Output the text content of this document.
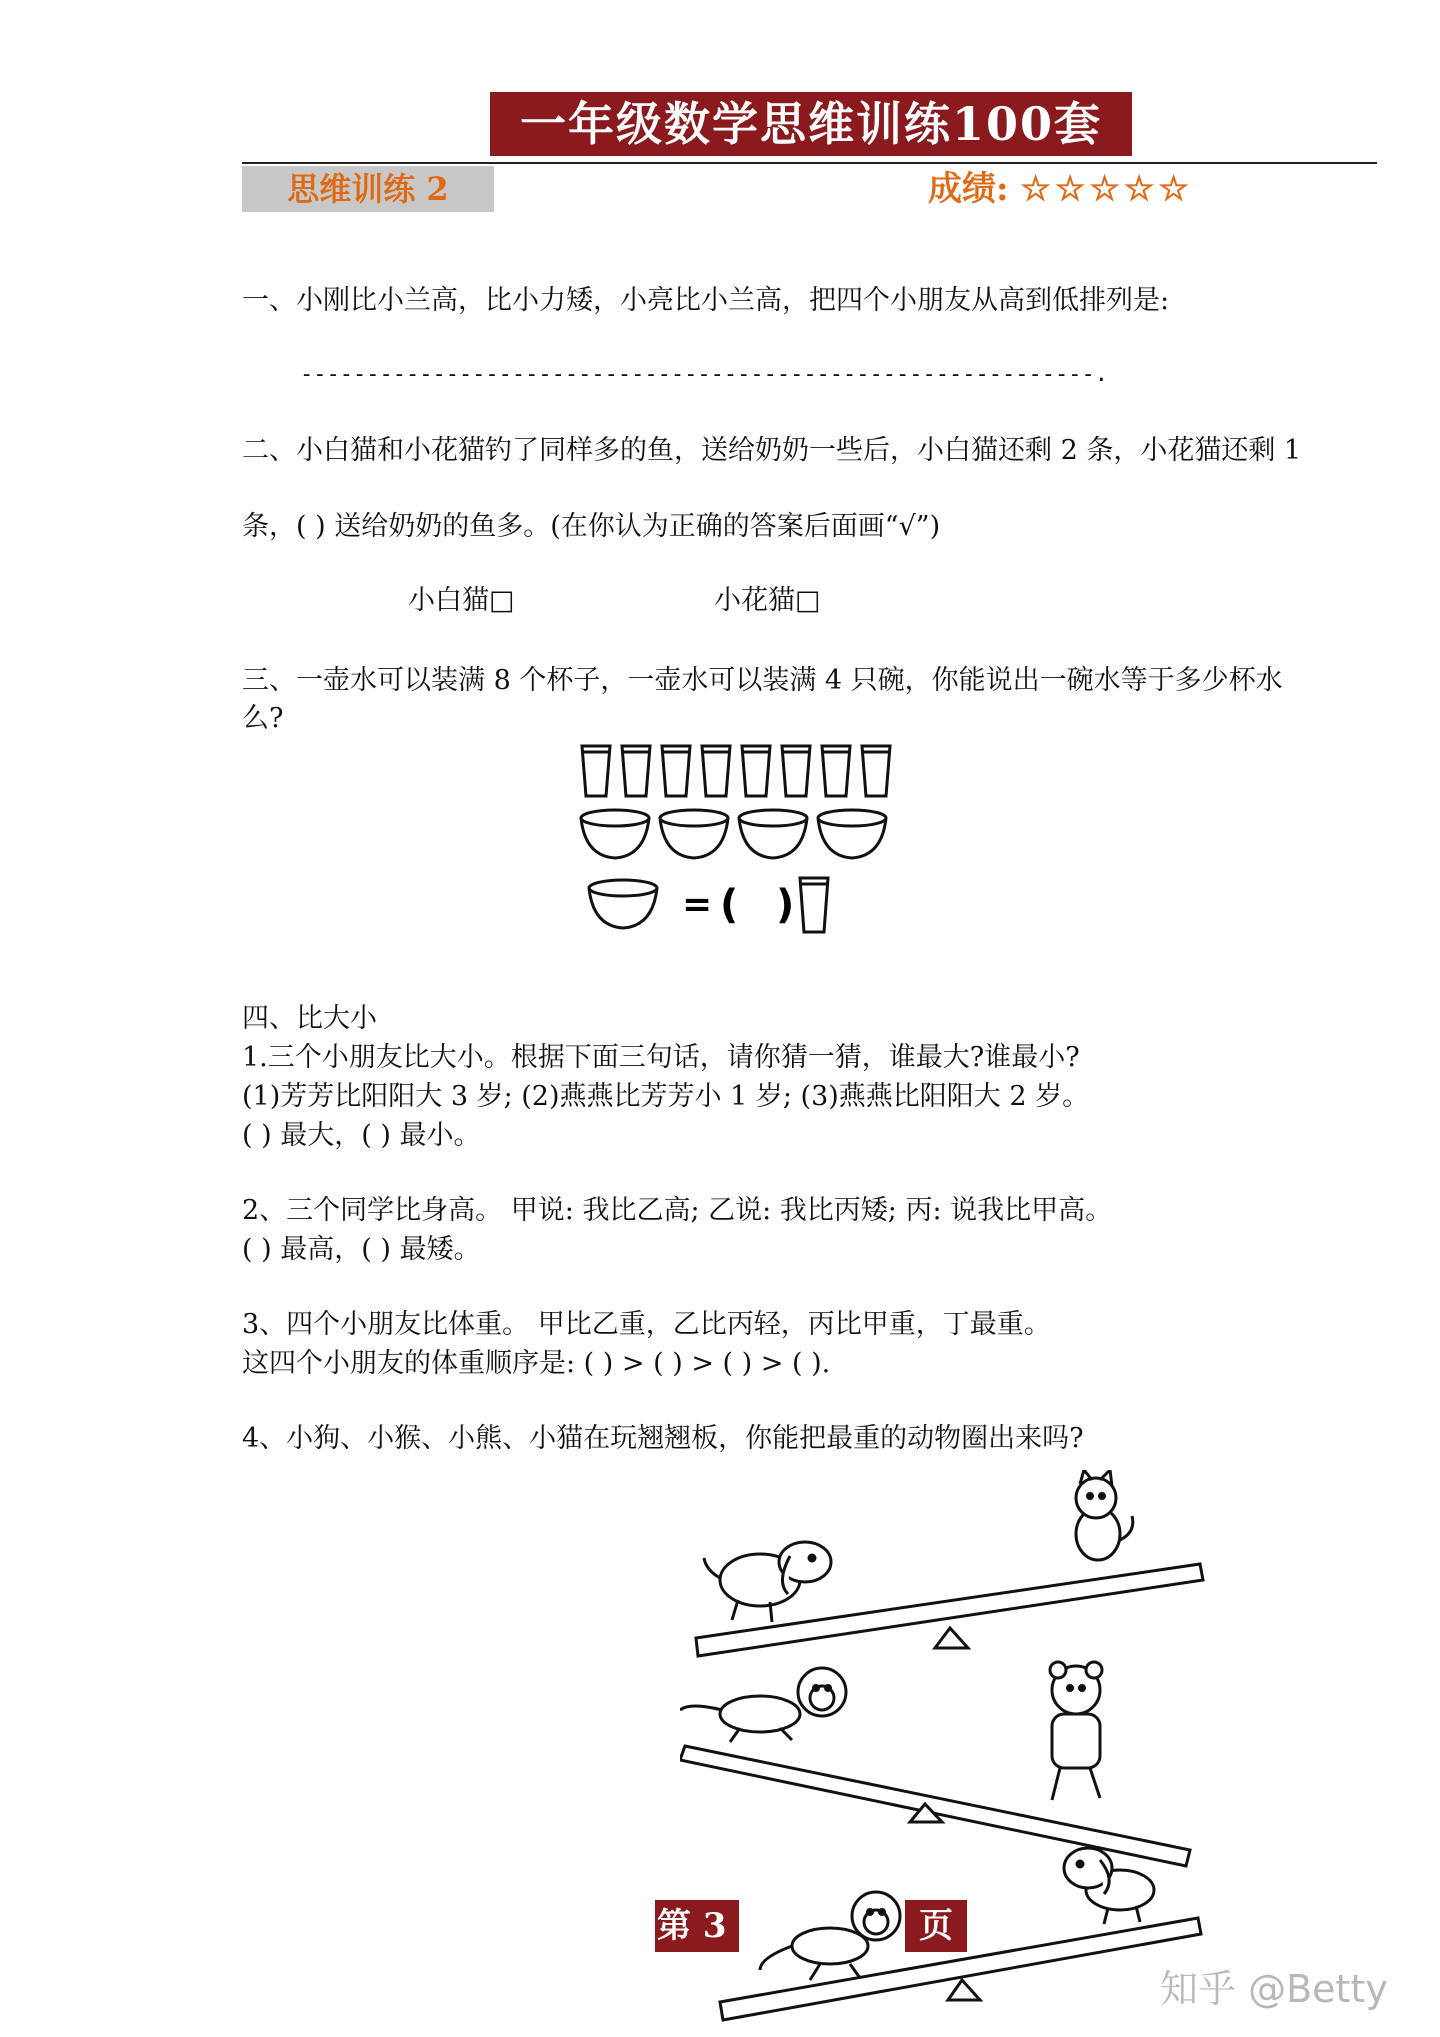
一年级数学思维训练100套
思维训练 2	成绩: ☆☆☆☆☆
一、小刚比小兰高，比小力矮，小亮比小兰高，把四个小朋友从高到低排列是:
------------------------------------------------------------.
二、小白猫和小花猫钓了同样多的鱼，送给奶奶一些后，小白猫还剩 2 条，小花猫还剩 1
条，( ) 送给奶奶的鱼多。(在你认为正确的答案后面画“√”)
小白猫□	小花猫□
三、一壶水可以装满 8 个杯子，一壶水可以装满 4 只碗，你能说出一碗水等于多少杯水
么?
= ( )
四、比大小
1.三个小朋友比大小。根据下面三句话，请你猜一猜，谁最大?谁最小?
(1)芳芳比阳阳大 3 岁; (2)燕燕比芳芳小 1 岁; (3)燕燕比阳阳大 2 岁。
( ) 最大，( ) 最小。
2、三个同学比身高。 甲说: 我比乙高; 乙说: 我比丙矮; 丙: 说我比甲高。
( ) 最高，( ) 最矮。
3、四个小朋友比体重。 甲比乙重，乙比丙轻，丙比甲重，丁最重。
这四个小朋友的体重顺序是: ( ) > ( ) > ( ) > ( ).
4、小狗、小猴、小熊、小猫在玩翘翘板，你能把最重的动物圈出来吗?
第 3	页
知乎 @Betty
